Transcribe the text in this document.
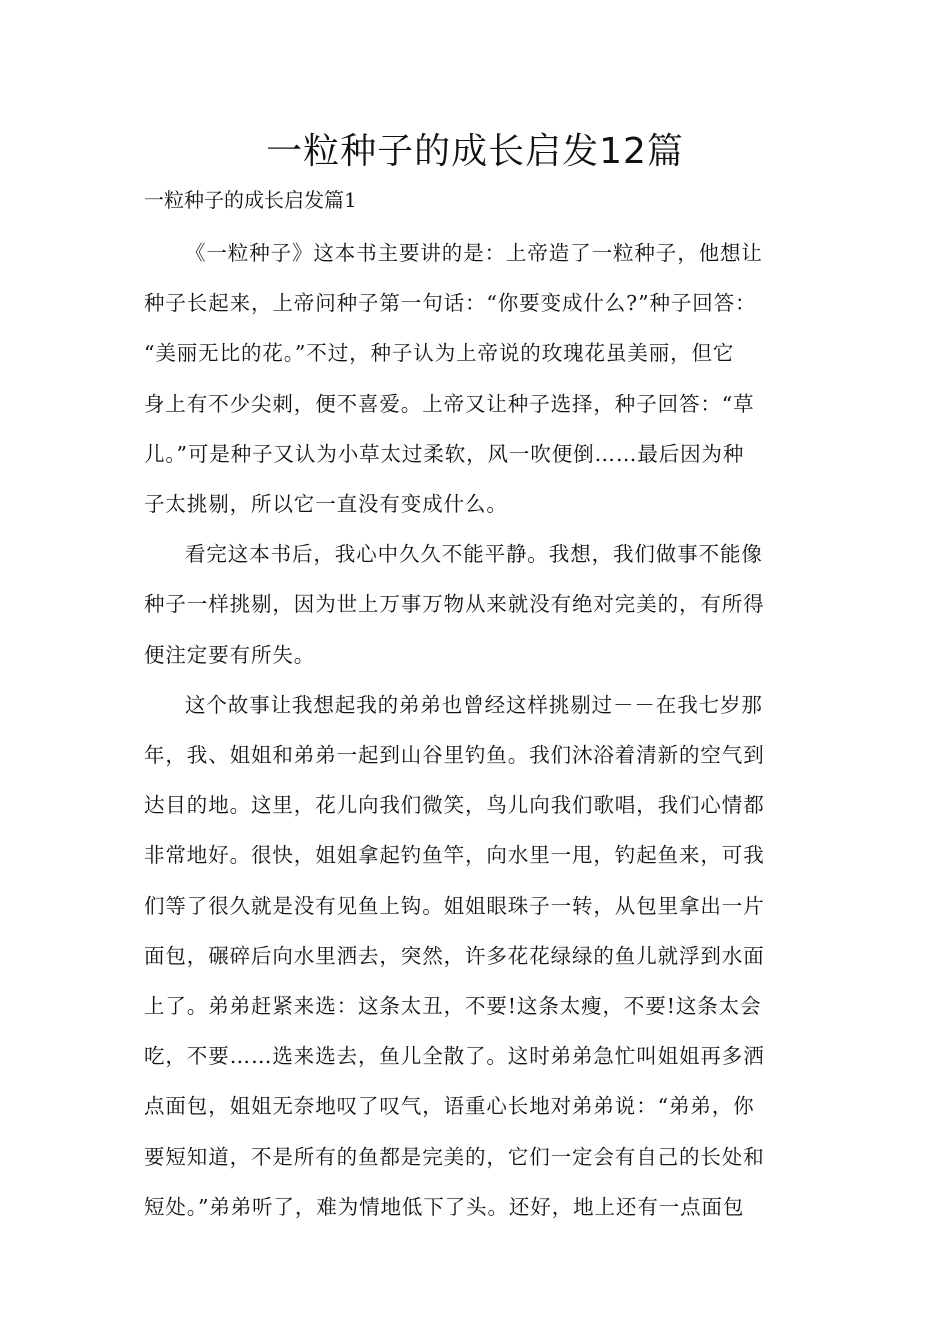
一粒种子的成长启发12篇
一粒种子的成长启发篇1
《一粒种子》这本书主要讲的是：上帝造了一粒种子，他想让
种子长起来，上帝问种子第一句话：“你要变成什么?”种子回答：
“美丽无比的花。”不过，种子认为上帝说的玫瑰花虽美丽，但它
身上有不少尖刺，便不喜爱。上帝又让种子选择，种子回答：“草
儿。”可是种子又认为小草太过柔软，风一吹便倒……最后因为种
子太挑剔，所以它一直没有变成什么。
看完这本书后，我心中久久不能平静。我想，我们做事不能像
种子一样挑剔，因为世上万事万物从来就没有绝对完美的，有所得
便注定要有所失。
这个故事让我想起我的弟弟也曾经这样挑剔过－－在我七岁那
年，我、姐姐和弟弟一起到山谷里钓鱼。我们沐浴着清新的空气到
达目的地。这里，花儿向我们微笑，鸟儿向我们歌唱，我们心情都
非常地好。很快，姐姐拿起钓鱼竿，向水里一甩，钓起鱼来，可我
们等了很久就是没有见鱼上钩。姐姐眼珠子一转，从包里拿出一片
面包，碾碎后向水里洒去，突然，许多花花绿绿的鱼儿就浮到水面
上了。弟弟赶紧来选：这条太丑，不要!这条太瘦，不要!这条太会
吃，不要……选来选去，鱼儿全散了。这时弟弟急忙叫姐姐再多洒
点面包，姐姐无奈地叹了叹气，语重心长地对弟弟说：“弟弟，你
要短知道，不是所有的鱼都是完美的，它们一定会有自己的长处和
短处。”弟弟听了，难为情地低下了头。还好，地上还有一点面包
